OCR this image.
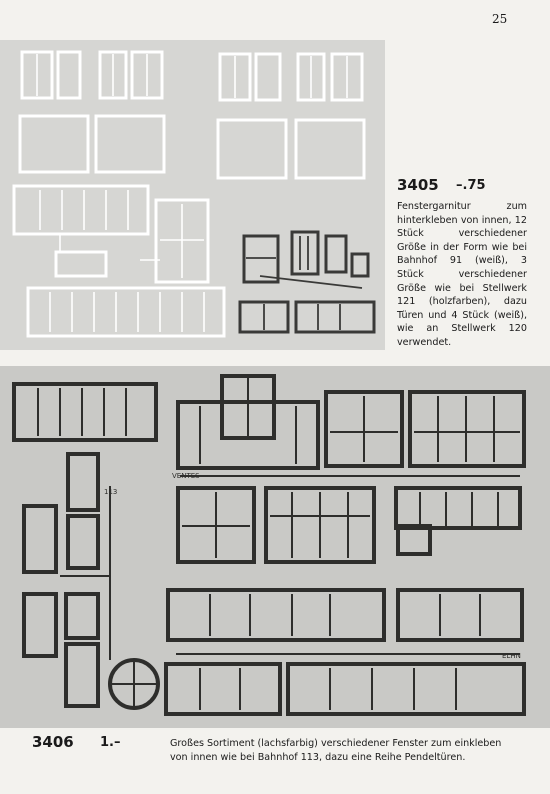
25
3405 –.75
Fenstergarnitur zum hinterkleben von innen, 12 Stück verschiedener Größe in der Form wie bei Bahnhof 91 (weiß), 3 Stück verschiedener Größe wie bei Stellwerk 121 (holzfarben), dazu Türen und 4 Stück (weiß), wie an Stellwerk 120 verwendet.
VENTES
113
ELHN
3406 1.–	Großes Sortiment (lachsfarbig) verschiedener Fenster zum einkleben von innen wie bei Bahnhof 113, dazu eine Reihe Pendeltüren.
